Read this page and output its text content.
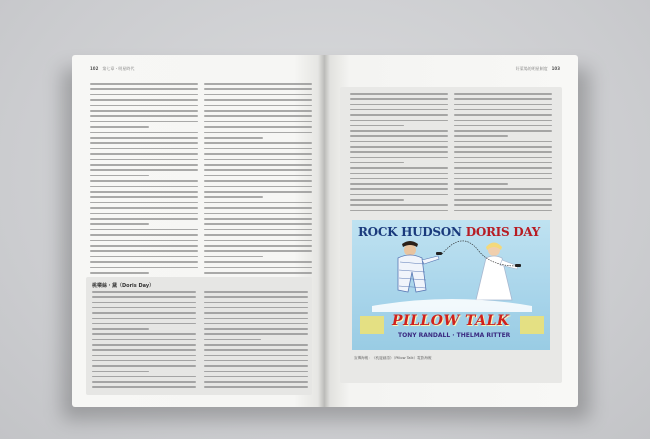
102 第七章・明星時代
桃樂絲・黛（Doris Day）
好萊塢的明星制度 103
ROCK HUDSON DORIS DAY
PILLOW TALK
TONY RANDALL · THELMA RITTER
宣傳海報：《枕邊細語》（Pillow Talk）電影海報
